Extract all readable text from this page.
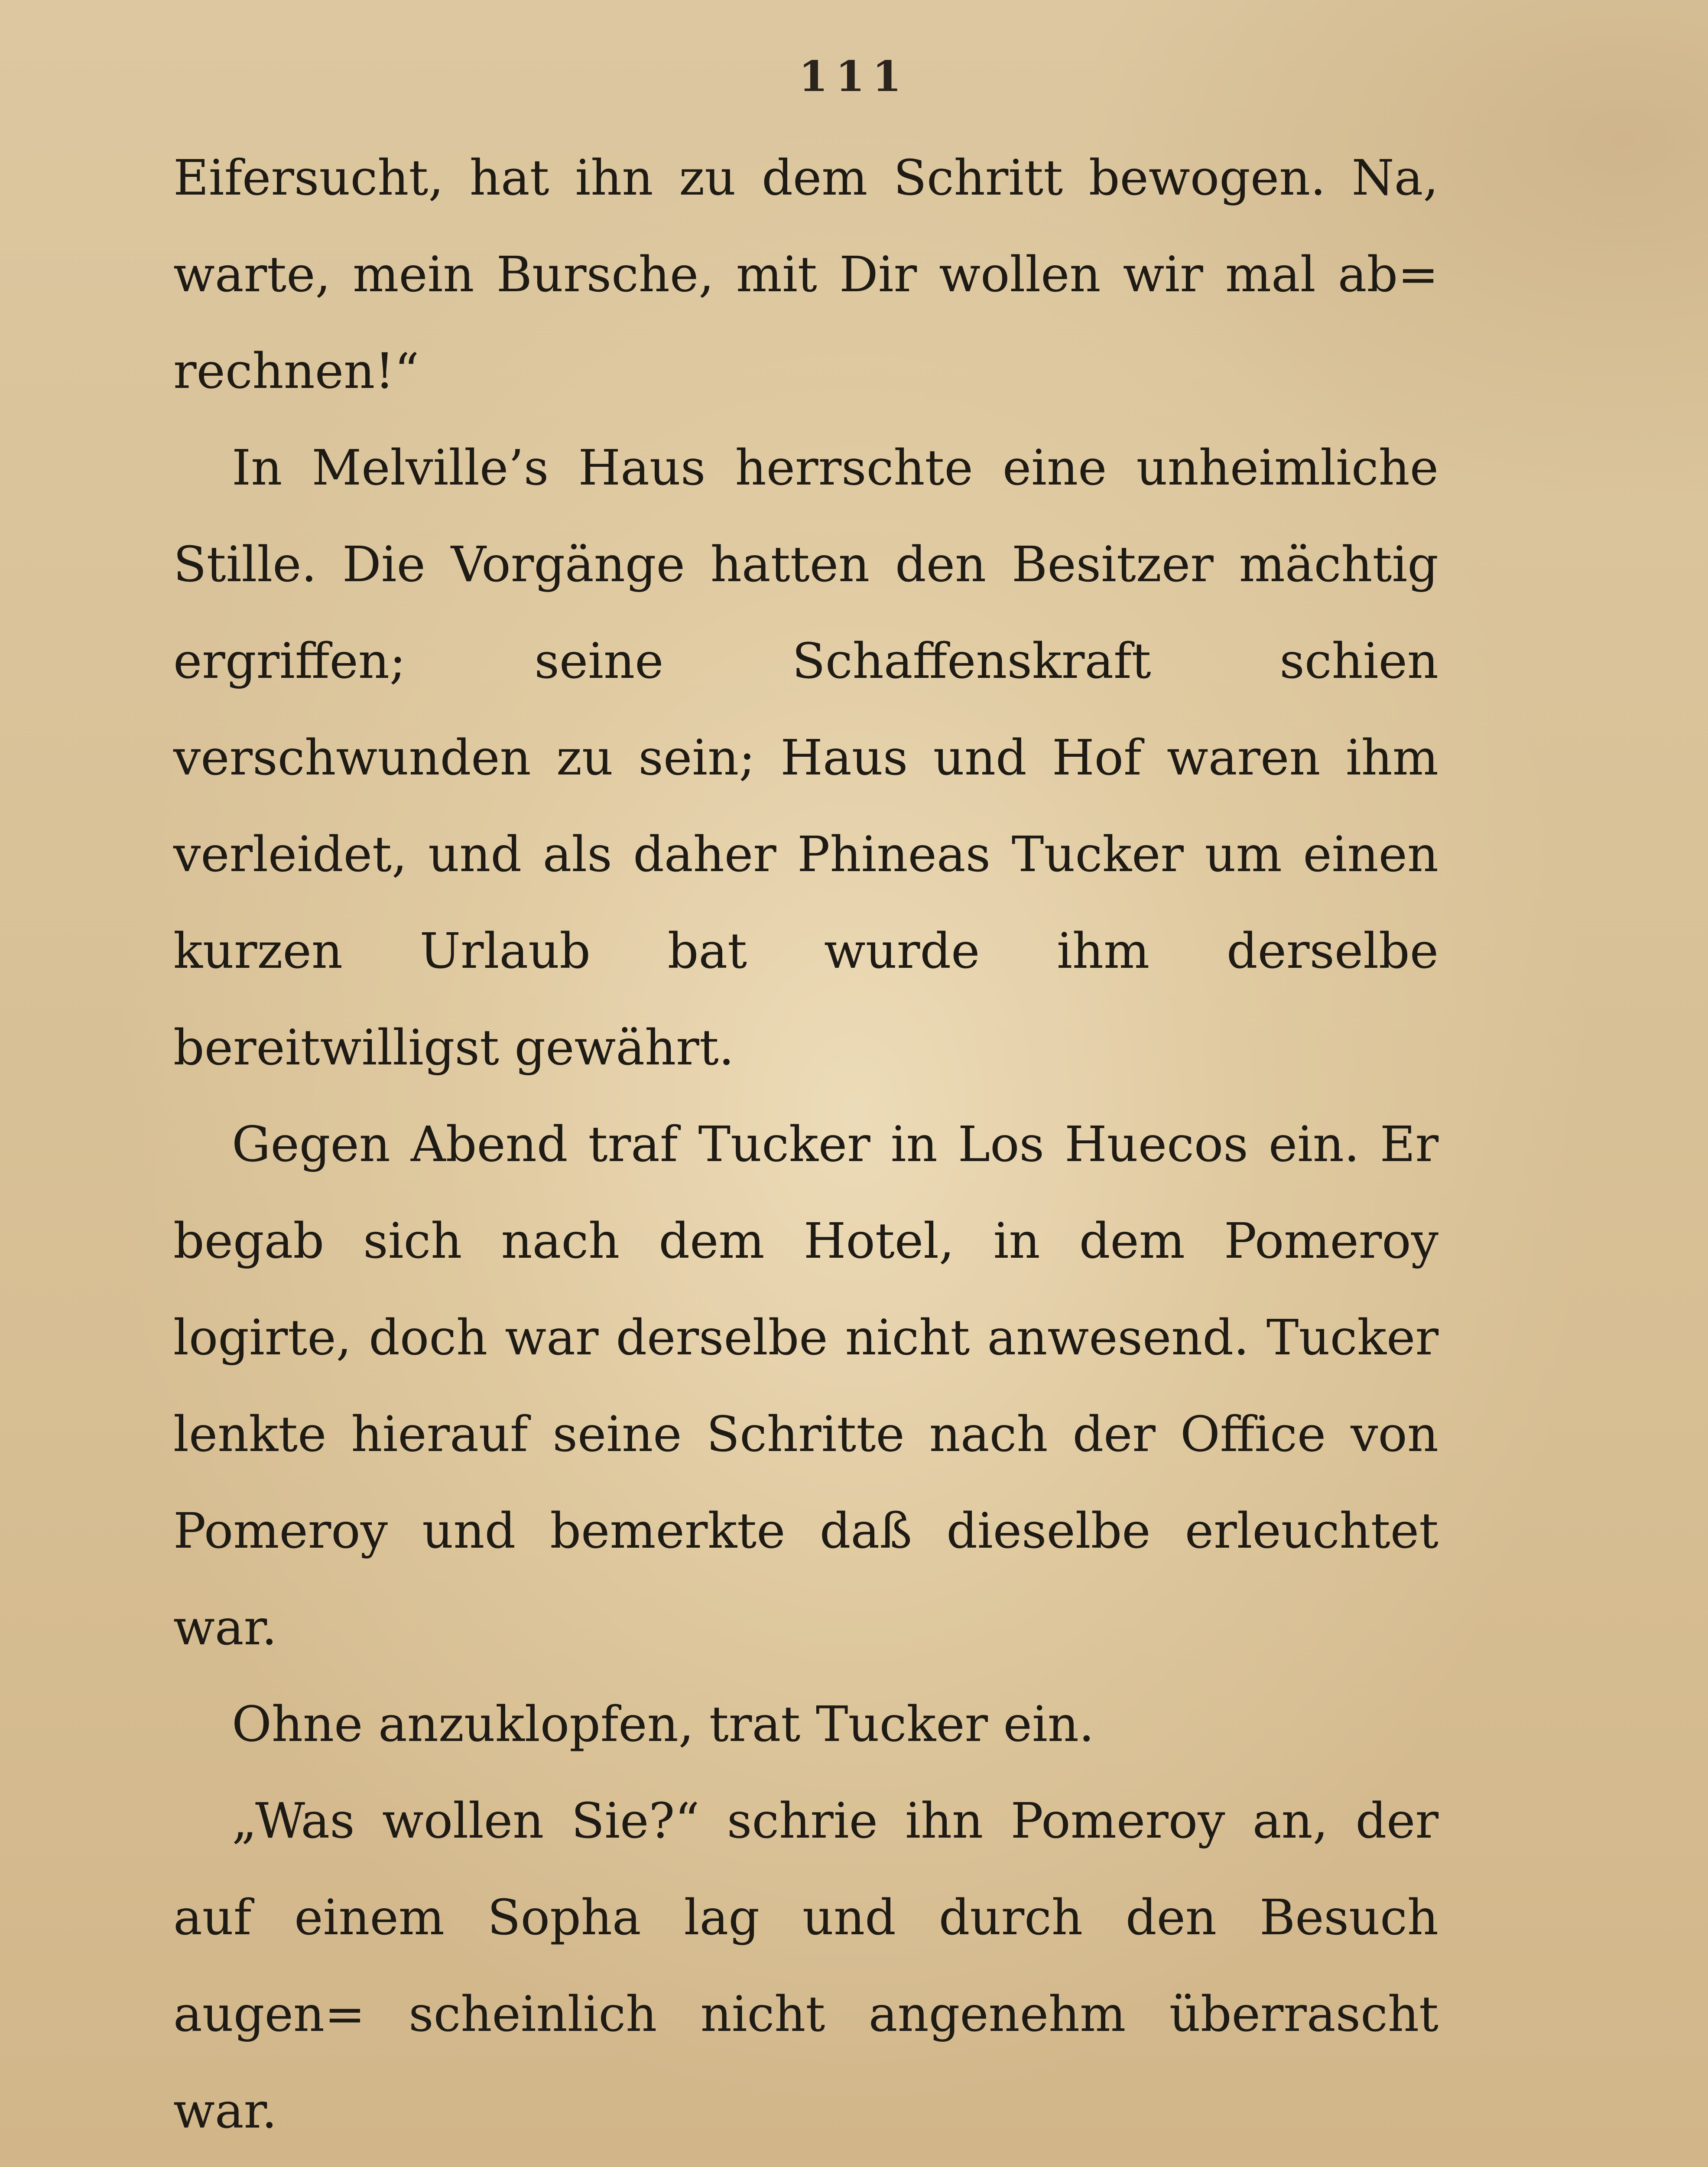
111

Eifersucht, hat ihn zu dem Schritt bewogen. Na, warte, mein Bursche, mit Dir wollen wir mal ab= rechnen!“

In Melville’s Haus herrschte eine unheimliche Stille. Die Vorgänge hatten den Besitzer mächtig ergriffen; seine Schaffenskraft schien verschwunden zu sein; Haus und Hof waren ihm verleidet, und als daher Phineas Tucker um einen kurzen Urlaub bat wurde ihm derselbe bereitwilligst gewährt.

Gegen Abend traf Tucker in Los Huecos ein. Er begab sich nach dem Hotel, in dem Pomeroy logirte, doch war derselbe nicht anwesend. Tucker lenkte hierauf seine Schritte nach der Office von Pomeroy und bemerkte daß dieselbe erleuchtet war.

Ohne anzuklopfen, trat Tucker ein.

„Was wollen Sie?“ schrie ihn Pomeroy an, der auf einem Sopha lag und durch den Besuch augen= scheinlich nicht angenehm überrascht war.
